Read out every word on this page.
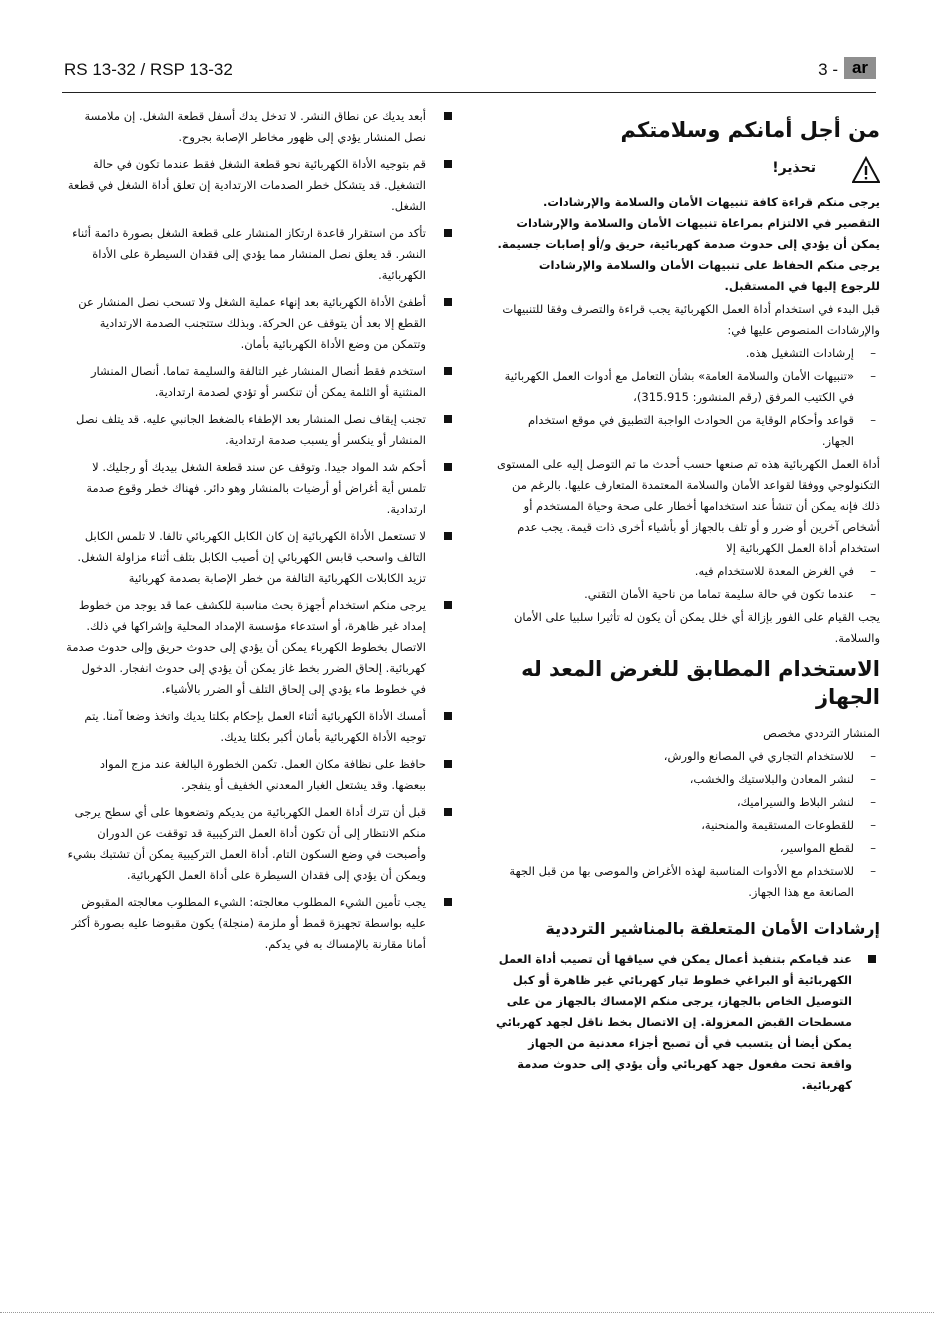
RS 13-32 / RSP 13-32	3 - ar
من أجل أمانكم وسلامتكم
تحذير!

يرجى منكم قراءة كافة تنبيهات الأمان والسلامة والإرشادات. التقصير في الالتزام بمراعاة تنبيهات الأمان والسلامة والإرشادات يمكن أن يؤدي إلى حدوث صدمة كهربائية، حريق و/أو إصابات جسيمة. يرجى منكم الحفاظ على تنبيهات الأمان والسلامة والإرشادات للرجوع إليها في المستقبل.

قبل البدء في استخدام أداة العمل الكهربائية يجب قراءة والتصرف وفقا للتنبيهات والإرشادات المنصوص عليها في:

– إرشادات التشغيل هذه.
– «تنبيهات الأمان والسلامة العامة» بشأن التعامل مع أدوات العمل الكهربائية في الكتيب المرفق (رقم المنشور: 315.915)،
– قواعد وأحكام الوقاية من الحوادث الواجبة التطبيق في موقع استخدام الجهاز.

أداة العمل الكهربائية هذه تم صنعها حسب أحدث ما تم التوصل إليه على المستوى التكنولوجي ووفقا لقواعد الأمان والسلامة المعتمدة المتعارف عليها. بالرغم من ذلك فإنه يمكن أن تنشأ عند استخدامها أخطار على صحة وحياة المستخدم أو أشخاص آخرين أو ضرر و أو تلف بالجهاز أو بأشياء أخرى ذات قيمة. يجب عدم استخدام أداة العمل الكهربائية إلا

– في الغرض المعدة للاستخدام فيه.
– عندما تكون في حالة سليمة تماما من ناحية الأمان التقني.

يجب القيام على الفور بإزالة أي خلل يمكن أن يكون له تأثيرا سلبيا على الأمان والسلامة.

الاستخدام المطابق للغرض المعد له الجهاز

المنشار الترددي مخصص

– للاستخدام التجاري في المصانع والورش،
– لنشر المعادن والبلاستيك والخشب،
– لنشر البلاط والسيراميك،
– للقطوعات المستقيمة والمنحنية،
– لقطع المواسير،
– للاستخدام مع الأدوات المناسبة لهذه الأغراض والموصى بها من قبل الجهة الصانعة مع هذا الجهاز.
إرشادات الأمان المتعلقة بالمناشير الترددية
عند قيامكم بتنفيذ أعمال يمكن في سياقها أن تصيب أداة العمل الكهربائية أو البراغي خطوط تيار كهربائي غير ظاهرة أو كبل التوصيل الخاص بالجهاز، يرجى منكم الإمساك بالجهاز من على مسطحات القبض المعزولة. إن الاتصال بخط ناقل لجهد كهربائي يمكن أيضا أن يتسبب في أن تصبح أجزاء معدنية من الجهاز واقعة تحت مفعول جهد كهربائي وأن يؤدي إلى حدوث صدمة كهربائية.
أبعد يديك عن نطاق النشر. لا تدخل يدك أسفل قطعة الشغل. إن ملامسة نصل المنشار يؤدي إلى ظهور مخاطر الإصابة بجروح.
قم بتوجيه الأداة الكهربائية نحو قطعة الشغل فقط عندما تكون في حالة التشغيل. قد يتشكل خطر الصدمات الارتدادية إن تعلق أداة الشغل في قطعة الشغل.
تأكد من استقرار قاعدة ارتكاز المنشار على قطعة الشغل بصورة دائمة أثناء النشر. قد يعلق نصل المنشار مما يؤدي إلى فقدان السيطرة على الأداة الكهربائية.
أطفئ الأداة الكهربائية بعد إنهاء عملية الشغل ولا تسحب نصل المنشار عن القطع إلا بعد أن يتوقف عن الحركة. وبذلك ستتجنب الصدمة الارتدادية وتتمكن من وضع الأداة الكهربائية بأمان.
استخدم فقط أنصال المنشار غير التالفة والسليمة تماما. أنصال المنشار المنثنية أو الثلمة يمكن أن تنكسر أو تؤدي لصدمة ارتدادية.
تجنب إيقاف نصل المنشار بعد الإطفاء بالضغط الجانبي عليه. قد يتلف نصل المنشار أو ينكسر أو يسبب صدمة ارتدادية.
أحكم شد المواد جيدا. وتوقف عن سند قطعة الشغل بيديك أو رجليك. لا تلمس أية أغراض أو أرضيات بالمنشار وهو دائر. فهناك خطر وقوع صدمة ارتدادية.
لا تستعمل الأداة الكهربائية إن كان الكابل الكهربائي تالفا. لا تلمس الكابل التالف واسحب قابس الكهربائي إن أصيب الكابل بتلف أثناء مزاولة الشغل. تزيد الكابلات الكهربائية التالفة من خطر الإصابة بصدمة كهربائية
يرجى منكم استخدام أجهزة بحث مناسبة للكشف عما قد يوجد من خطوط إمداد غير ظاهرة، أو استدعاء مؤسسة الإمداد المحلية وإشراكها في ذلك. الاتصال بخطوط الكهرباء يمكن أن يؤدي إلى حدوث حريق وإلى حدوث صدمة كهربائية. إلحاق الضرر بخط غاز يمكن أن يؤدي إلى حدوث انفجار. الدخول في خطوط ماء يؤدي إلى إلحاق التلف أو الضرر بالأشياء.
أمسك الأداة الكهربائية أثناء العمل بإحكام بكلتا يديك واتخذ وضعا آمنا. يتم توجيه الأداة الكهربائية بأمان أكبر بكلتا يديك.
حافظ على نظافة مكان العمل. تكمن الخطورة البالغة عند مزج المواد ببعضها. وقد يشتعل الغبار المعدني الخفيف أو ينفجر.
قبل أن تترك أداة العمل الكهربائية من يديكم وتضعوها على أي سطح يرجى منكم الانتظار إلى أن تكون أداة العمل التركيبية قد توقفت عن الدوران وأصبحت في وضع السكون التام. أداة العمل التركيبية يمكن أن تشتبك بشيء ويمكن أن يؤدي إلى فقدان السيطرة على أداة العمل الكهربائية.
يجب تأمين الشيء المطلوب معالجته: الشيء المطلوب معالجته المقبوض عليه بواسطة تجهيزة قمط أو ملزمة (منجلة) يكون مقبوضا عليه بصورة أكثر أمانا مقارنة بالإمساك به في يدكم.
